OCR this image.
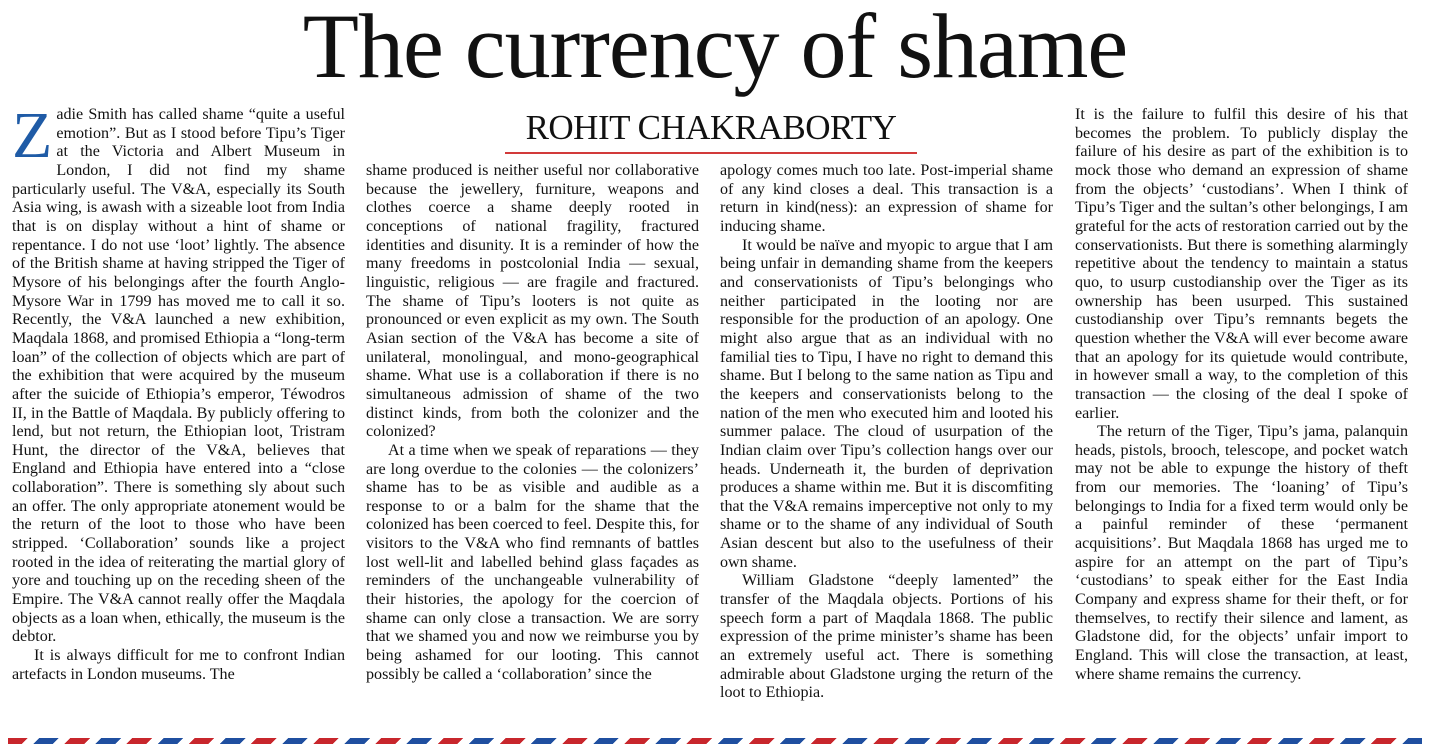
The currency of shame
ROHIT CHAKRABORTY

Zadie Smith has called shame “quite a useful emotion”. But as I stood before Tipu’s Tiger at the Victoria and Albert Museum in London, I did not find my shame particularly useful. The V&A, especially its South Asia wing, is awash with a sizeable loot from India that is on display without a hint of shame or repentance. I do not use ‘loot’ lightly. The absence of the British shame at having stripped the Tiger of Mysore of his belongings after the fourth Anglo-Mysore War in 1799 has moved me to call it so. Recently, the V&A launched a new exhibition, Maqdala 1868, and promised Ethiopia a “long-term loan” of the collection of objects which are part of the exhibition that were acquired by the museum after the suicide of Ethiopia’s emperor, Téwodros II, in the Battle of Maqdala. By publicly offering to lend, but not return, the Ethiopian loot, Tristram Hunt, the director of the V&A, believes that England and Ethiopia have entered into a “close collaboration”. There is something sly about such an offer. The only appropriate atonement would be the return of the loot to those who have been stripped. ‘Collaboration’ sounds like a project rooted in the idea of reiterating the martial glory of yore and touching up on the receding sheen of the Empire. The V&A cannot really offer the Maqdala objects as a loan when, ethically, the museum is the debtor.

It is always difficult for me to confront Indian artefacts in London museums. The

shame produced is neither useful nor collaborative because the jewellery, furniture, weapons and clothes coerce a shame deeply rooted in conceptions of national fragility, fractured identities and disunity. It is a reminder of how the many freedoms in postcolonial India — sexual, linguistic, religious — are fragile and fractured. The shame of Tipu’s looters is not quite as pronounced or even explicit as my own. The South Asian section of the V&A has become a site of unilateral, monolingual, and mono-geographical shame. What use is a collaboration if there is no simultaneous admission of shame of the two distinct kinds, from both the colonizer and the colonized?

At a time when we speak of reparations — they are long overdue to the colonies — the colonizers’ shame has to be as visible and audible as a response to or a balm for the shame that the colonized has been coerced to feel. Despite this, for visitors to the V&A who find remnants of battles lost well-lit and labelled behind glass façades as reminders of the unchangeable vulnerability of their histories, the apology for the coercion of shame can only close a transaction. We are sorry that we shamed you and now we reimburse you by being ashamed for our looting. This cannot possibly be called a ‘collaboration’ since the

apology comes much too late. Post-imperial shame of any kind closes a deal. This transaction is a return in kind(ness): an expression of shame for inducing shame.

It would be naïve and myopic to argue that I am being unfair in demanding shame from the keepers and conservationists of Tipu’s belongings who neither participated in the looting nor are responsible for the production of an apology. One might also argue that as an individual with no familial ties to Tipu, I have no right to demand this shame. But I belong to the same nation as Tipu and the keepers and conservationists belong to the nation of the men who executed him and looted his summer palace. The cloud of usurpation of the Indian claim over Tipu’s collection hangs over our heads. Underneath it, the burden of deprivation produces a shame within me. But it is discomfiting that the V&A remains imperceptive not only to my shame or to the shame of any individual of South Asian descent but also to the usefulness of their own shame.

William Gladstone “deeply lamented” the transfer of the Maqdala objects. Portions of his speech form a part of Maqdala 1868. The public expression of the prime minister’s shame has been an extremely useful act. There is something admirable about Gladstone urging the return of the loot to Ethiopia.

It is the failure to fulfil this desire of his that becomes the problem. To publicly display the failure of his desire as part of the exhibition is to mock those who demand an expression of shame from the objects’ ‘custodians’. When I think of Tipu’s Tiger and the sultan’s other belongings, I am grateful for the acts of restoration carried out by the conservationists. But there is something alarmingly repetitive about the tendency to maintain a status quo, to usurp custodianship over the Tiger as its ownership has been usurped. This sustained custodianship over Tipu’s remnants begets the question whether the V&A will ever become aware that an apology for its quietude would contribute, in however small a way, to the completion of this transaction — the closing of the deal I spoke of earlier.

The return of the Tiger, Tipu’s jama, palanquin heads, pistols, brooch, telescope, and pocket watch may not be able to expunge the history of theft from our memories. The ‘loaning’ of Tipu’s belongings to India for a fixed term would only be a painful reminder of these ‘permanent acquisitions’. But Maqdala 1868 has urged me to aspire for an attempt on the part of Tipu’s ‘custodians’ to speak either for the East India Company and express shame for their theft, or for themselves, to rectify their silence and lament, as Gladstone did, for the objects’ unfair import to England. This will close the transaction, at least, where shame remains the currency.
